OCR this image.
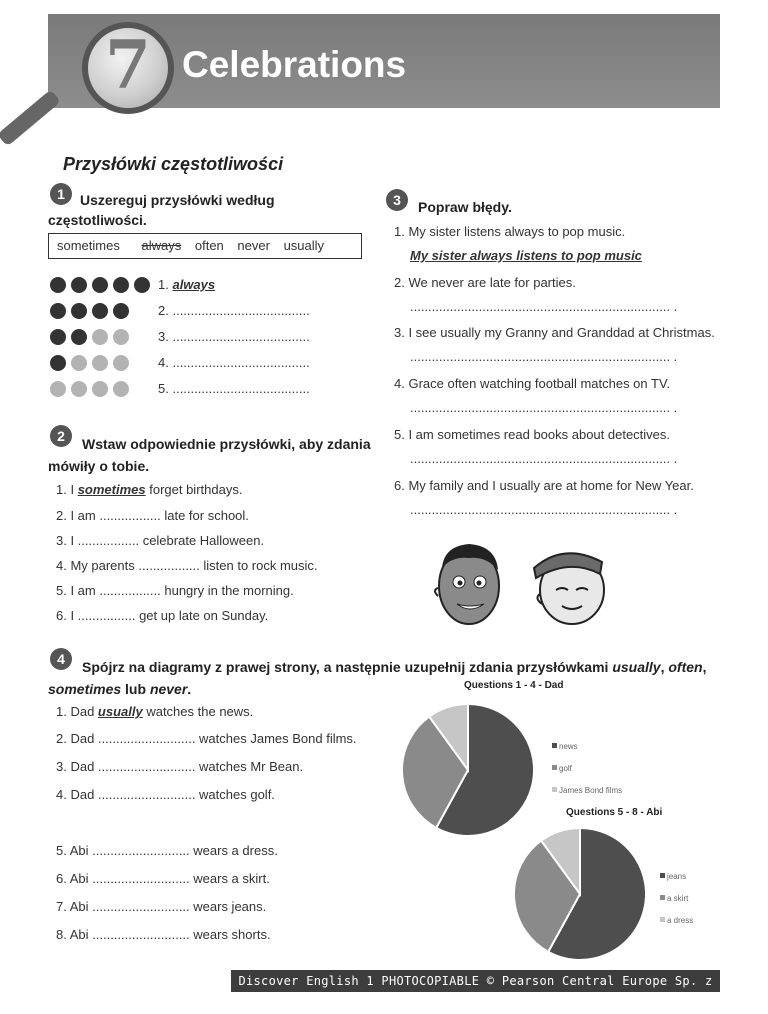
7 Celebrations
Przysłówki częstotliwości
1	Uszereguj przysłówki według częstotliwości.
sometimes always often never usually
1. always
2. ......................................
3. ......................................
4. ......................................
5. ......................................
2	Wstaw odpowiednie przysłówki, aby zdania mówiły o tobie.
1. I sometimes forget birthdays.
2. I am ................. late for school.
3. I ................. celebrate Halloween.
4. My parents ................. listen to rock music.
5. I am ................. hungry in the morning.
6. I ................ get up late on Sunday.
3	Popraw błędy.
1. My sister listens always to pop music.
My sister always listens to pop music
2. We never are late for parties.
........................................................................ .
3. I see usually my Granny and Granddad at Christmas.
........................................................................ .
4. Grace often watching football matches on TV.
........................................................................ .
5. I am sometimes read books about detectives.
........................................................................ .
6. My family and I usually are at home for New Year.
........................................................................ .
4	Spójrz na diagramy z prawej strony, a następnie uzupełnij zdania przysłówkami usually, often,
sometimes lub never.
1. Dad usually watches the news.
2. Dad ........................... watches James Bond films.
3. Dad ........................... watches Mr Bean.
4. Dad ........................... watches golf.
5. Abi ........................... wears a dress.
6. Abi ........................... wears a skirt.
7. Abi ........................... wears jeans.
8. Abi ........................... wears shorts.
Questions 1 - 4 - Dad
news
golf
James Bond films
Questions 5 - 8 - Abi
jeans
a skirt
a dress
Discover English 1 PHOTOCOPIABLE © Pearson Central Europe Sp. z o.o. 2013
